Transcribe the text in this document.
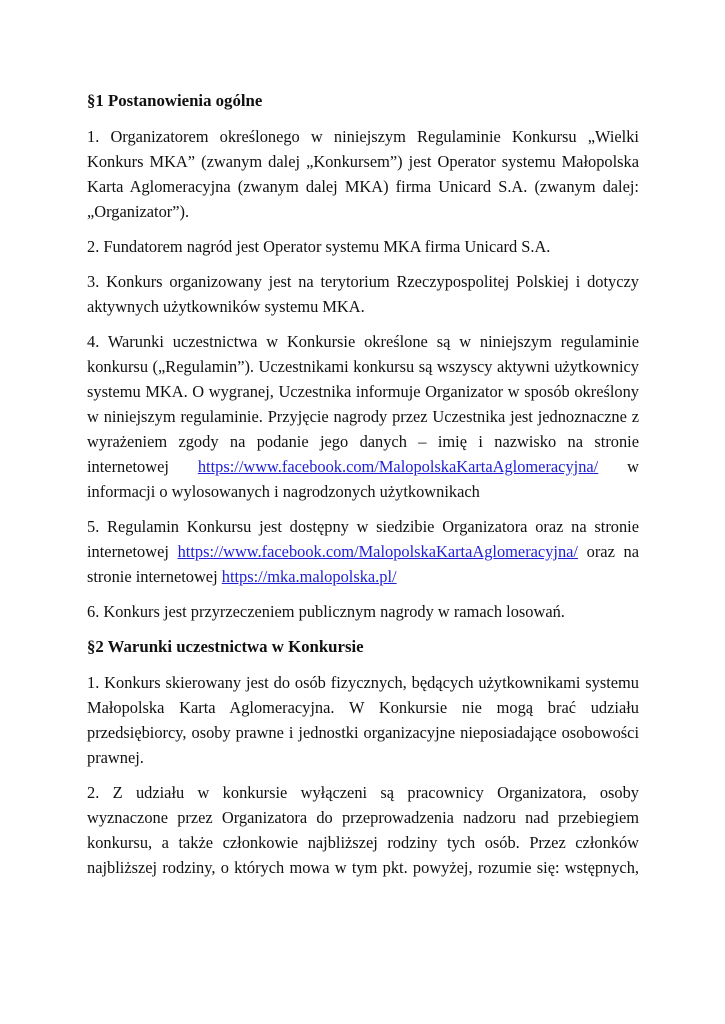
§1 Postanowienia ogólne

1. Organizatorem określonego w niniejszym Regulaminie Konkursu „Wielki Konkurs MKA” (zwanym dalej „Konkursem”) jest Operator systemu Małopolska Karta Aglomeracyjna (zwanym dalej MKA) firma Unicard S.A. (zwanym dalej: „Organizator”).

2. Fundatorem nagród jest Operator systemu MKA firma Unicard S.A.

3. Konkurs organizowany jest na terytorium Rzeczypospolitej Polskiej i dotyczy aktywnych użytkowników systemu MKA.

4. Warunki uczestnictwa w Konkursie określone są w niniejszym regulaminie konkursu („Regulamin”). Uczestnikami konkursu są wszyscy aktywni użytkownicy systemu MKA. O wygranej, Uczestnika informuje Organizator w sposób określony w niniejszym regulaminie. Przyjęcie nagrody przez Uczestnika jest jednoznaczne z wyrażeniem zgody na podanie jego danych – imię i nazwisko na stronie internetowej https://www.facebook.com/MalopolskaKartaAglomeracyjna/ w informacji o wylosowanych i nagrodzonych użytkownikach

5. Regulamin Konkursu jest dostępny w siedzibie Organizatora oraz na stronie internetowej https://www.facebook.com/MalopolskaKartaAglomeracyjna/ oraz na stronie internetowej https://mka.malopolska.pl/

6. Konkurs jest przyrzeczeniem publicznym nagrody w ramach losowań.

§2 Warunki uczestnictwa w Konkursie

1. Konkurs skierowany jest do osób fizycznych, będących użytkownikami systemu Małopolska Karta Aglomeracyjna. W Konkursie nie mogą brać udziału przedsiębiorcy, osoby prawne i jednostki organizacyjne nieposiadające osobowości prawnej.

2. Z udziału w konkursie wyłączeni są pracownicy Organizatora, osoby wyznaczone przez Organizatora do przeprowadzenia nadzoru nad przebiegiem konkursu, a także członkowie najbliższej rodziny tych osób. Przez członków najbliższej rodziny, o których mowa w tym pkt. powyżej, rozumie się: wstępnych,
